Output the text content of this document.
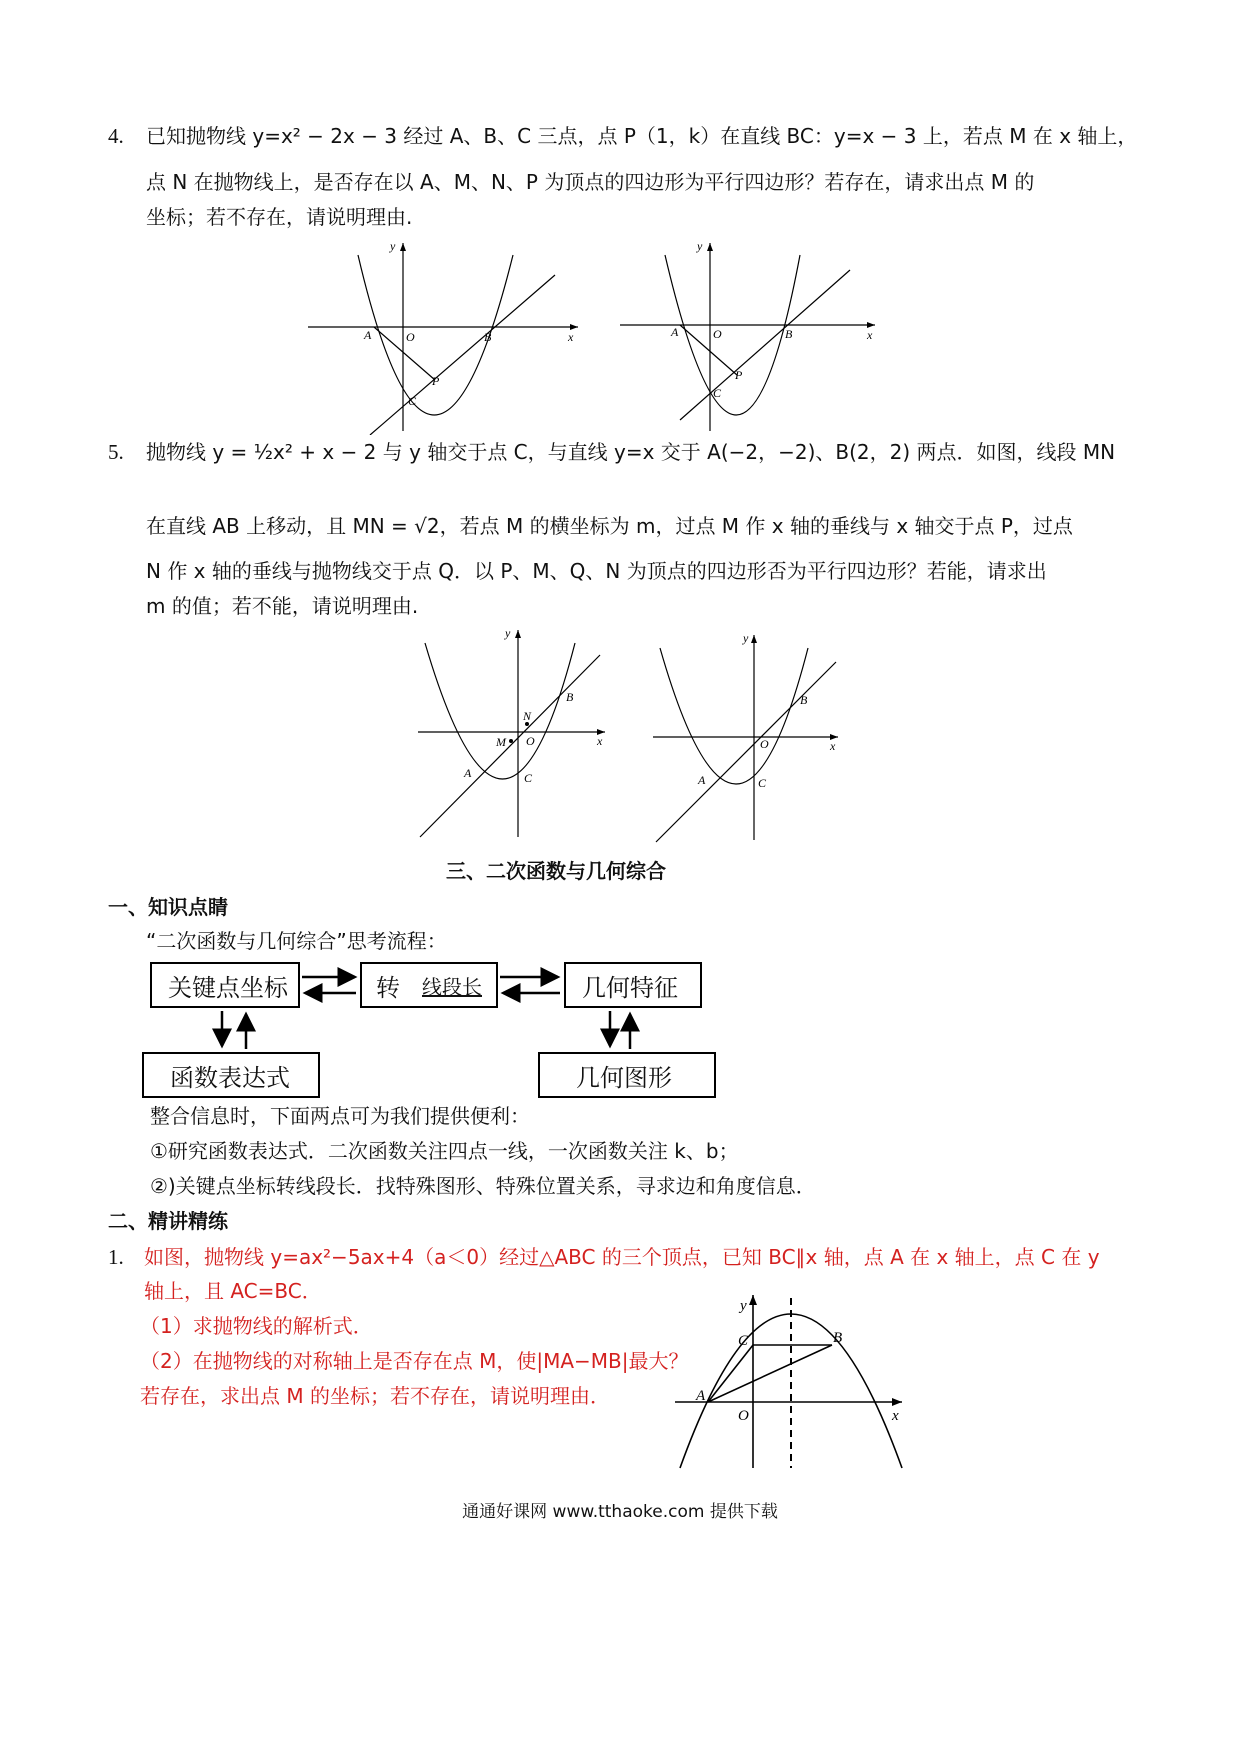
4. 已知抛物线 y=x² − 2x − 3 经过 A、B、C 三点，点 P（1，k）在直线 BC：y=x − 3 上，若点 M 在 x 轴上，
点 N 在抛物线上，是否存在以 A、M、N、P 为顶点的四边形为平行四边形？若存在，请求出点 M 的
坐标；若不存在，请说明理由.
y
x
A	O	B
P
C
y
x
A	O	B
P
C
5. 抛物线 y = ½x² + x − 2 与 y 轴交于点 C，与直线 y=x 交于 A(−2，−2)、B(2，2) 两点．如图，线段 MN
在直线 AB 上移动，且 MN = √2，若点 M 的横坐标为 m，过点 M 作 x 轴的垂线与 x 轴交于点 P，过点
N 作 x 轴的垂线与抛物线交于点 Q．以 P、M、Q、N 为顶点的四边形否为平行四边形？若能，请求出
m 的值；若不能，请说明理由.
y
x
A
O
B
C
M
N
y
x
A
O
B
C
三、二次函数与几何综合
一、知识点睛
“二次函数与几何综合”思考流程：
关键点坐标	转	线段长	几何特征
函数表达式	几何图形
整合信息时，下面两点可为我们提供便利：
①研究函数表达式．二次函数关注四点一线，一次函数关注 k、b；
②)关键点坐标转线段长．找特殊图形、特殊位置关系，寻求边和角度信息．
二、精讲精练
1. 如图，抛物线 y=ax²−5ax+4（a＜0）经过△ABC 的三个顶点，已知 BC∥x 轴，点 A 在 x 轴上，点 C 在 y
轴上，且 AC=BC．
（1）求抛物线的解析式．
（2）在抛物线的对称轴上是否存在点 M，使|MA−MB|最大？
若存在，求出点 M 的坐标；若不存在，请说明理由．
y
x
A
O
B
C
通通好课网 www.tthaoke.com 提供下载
